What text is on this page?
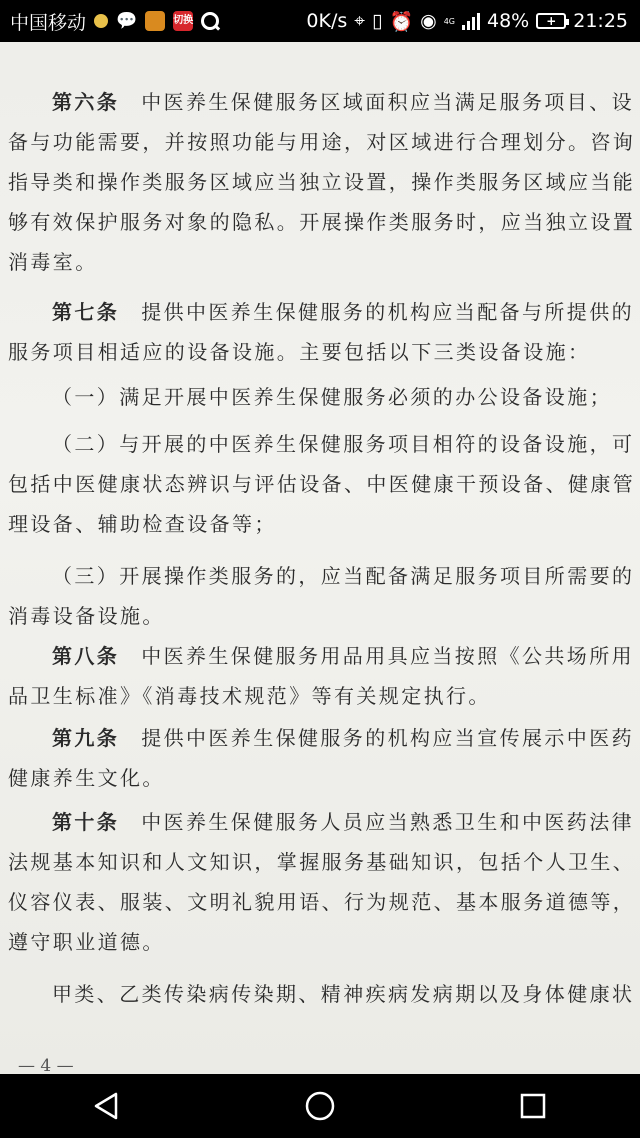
中国移动 💬	切换	0K/s ⌖ ▯ ⏰ ◉ 4G 48%	+ 21:25

第六条 中医养生保健服务区域面积应当满足服务项目、设备与功能需要，并按照功能与用途，对区域进行合理划分。咨询指导类和操作类服务区域应当独立设置，操作类服务区域应当能够有效保护服务对象的隐私。开展操作类服务时，应当独立设置消毒室。

第七条 提供中医养生保健服务的机构应当配备与所提供的服务项目相适应的设备设施。主要包括以下三类设备设施：

（一）满足开展中医养生保健服务必须的办公设备设施；

（二）与开展的中医养生保健服务项目相符的设备设施，可包括中医健康状态辨识与评估设备、中医健康干预设备、健康管理设备、辅助检查设备等；

（三）开展操作类服务的，应当配备满足服务项目所需要的消毒设备设施。

第八条 中医养生保健服务用品用具应当按照《公共场所用品卫生标准》《消毒技术规范》等有关规定执行。

第九条 提供中医养生保健服务的机构应当宣传展示中医药健康养生文化。

第十条 中医养生保健服务人员应当熟悉卫生和中医药法律法规基本知识和人文知识，掌握服务基础知识，包括个人卫生、仪容仪表、服装、文明礼貌用语、行为规范、基本服务道德等，遵守职业道德。

甲类、乙类传染病传染期、精神疾病发病期以及身体健康状

— 4 —
